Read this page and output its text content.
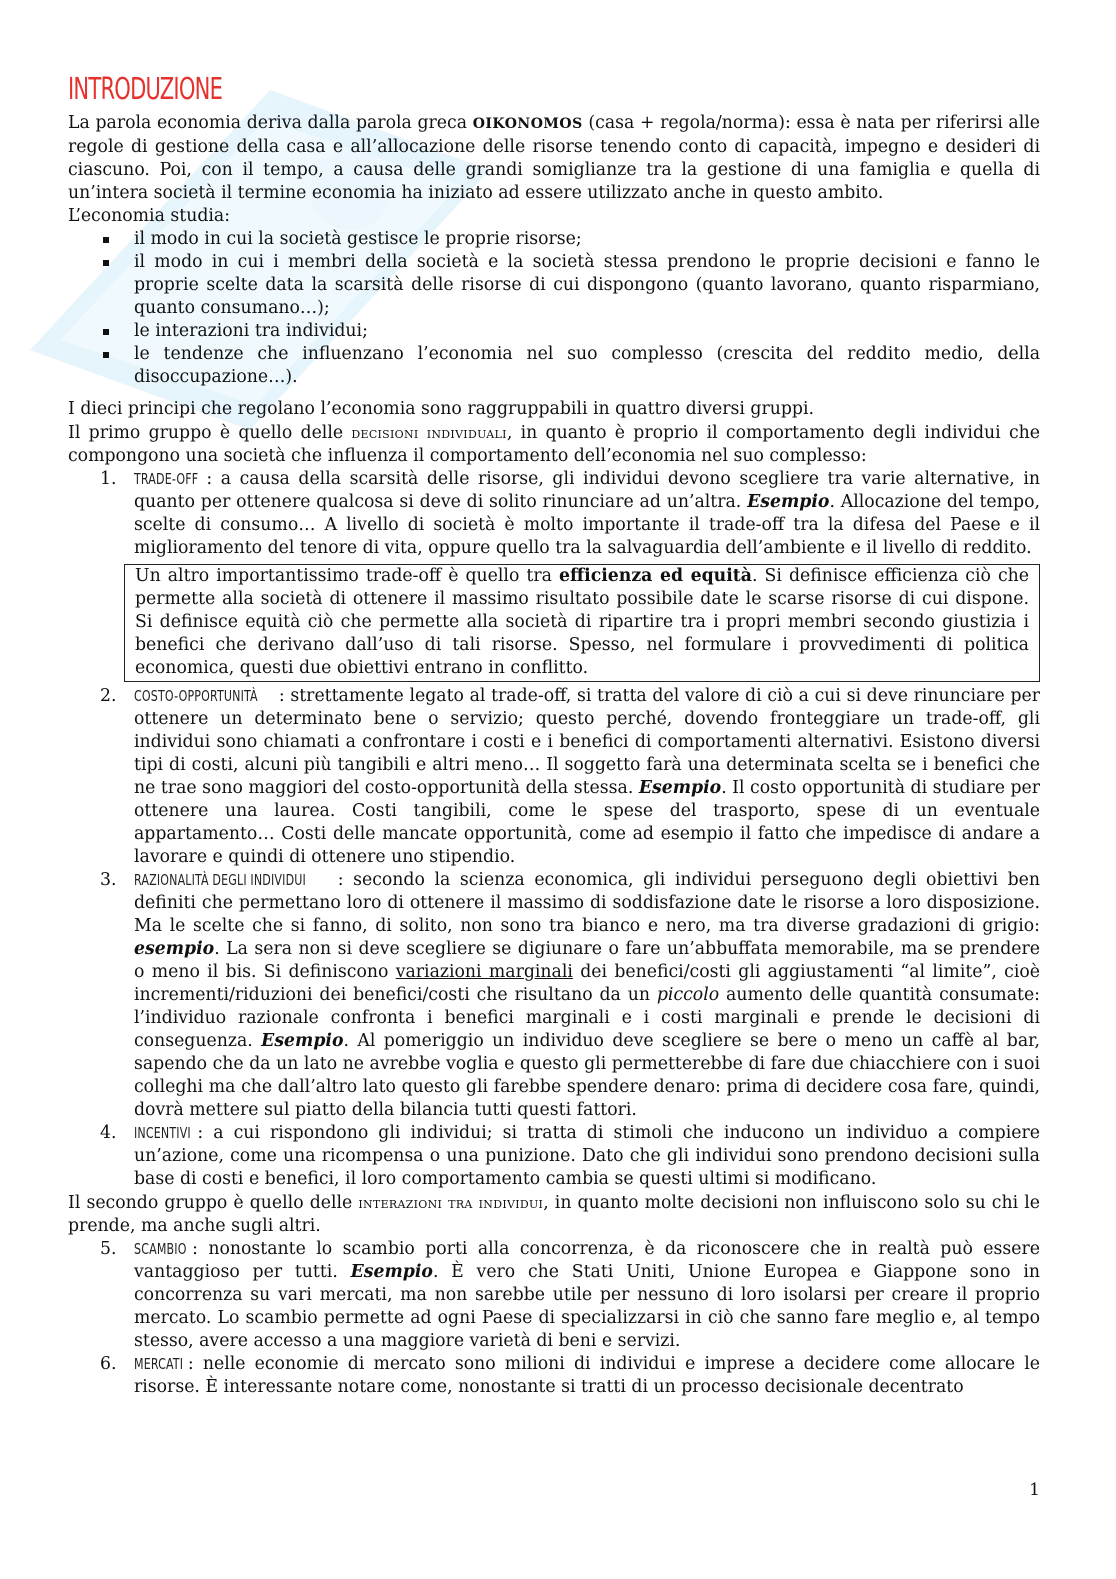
INTRODUZIONE

La parola economia deriva dalla parola greca OIKONOMOS (casa + regola/norma): essa è nata per riferirsi alle regole di gestione della casa e all’allocazione delle risorse tenendo conto di capacità, impegno e desideri di ciascuno. Poi, con il tempo, a causa delle grandi somiglianze tra la gestione di una famiglia e quella di un’intera società il termine economia ha iniziato ad essere utilizzato anche in questo ambito.

L’economia studia:

il modo in cui la società gestisce le proprie risorse;
il modo in cui i membri della società e la società stessa prendono le proprie decisioni e fanno le proprie scelte data la scarsità delle risorse di cui dispongono (quanto lavorano, quanto risparmiano, quanto consumano…);
le interazioni tra individui;
le tendenze che influenzano l’economia nel suo complesso (crescita del reddito medio, della disoccupazione…).

I dieci principi che regolano l’economia sono raggruppabili in quattro diversi gruppi.

Il primo gruppo è quello delle decisioni individuali, in quanto è proprio il comportamento degli individui che compongono una società che influenza il comportamento dell’economia nel suo complesso:

1. TRADE-OFF : a causa della scarsità delle risorse, gli individui devono scegliere tra varie alternative, in quanto per ottenere qualcosa si deve di solito rinunciare ad un’altra. Esempio. Allocazione del tempo, scelte di consumo… A livello di società è molto importante il trade-off tra la difesa del Paese e il miglioramento del tenore di vita, oppure quello tra la salvaguardia dell’ambiente e il livello di reddito.
Un altro importantissimo trade-off è quello tra efficienza ed equità. Si definisce efficienza ciò che permette alla società di ottenere il massimo risultato possibile date le scarse risorse di cui dispone. Si definisce equità ciò che permette alla società di ripartire tra i propri membri secondo giustizia i benefici che derivano dall’uso di tali risorse. Spesso, nel formulare i provvedimenti di politica economica, questi due obiettivi entrano in conflitto.
2. COSTO-OPPORTUNITÀ : strettamente legato al trade-off, si tratta del valore di ciò a cui si deve rinunciare per ottenere un determinato bene o servizio; questo perché, dovendo fronteggiare un trade-off, gli individui sono chiamati a confrontare i costi e i benefici di comportamenti alternativi. Esistono diversi tipi di costi, alcuni più tangibili e altri meno… Il soggetto farà una determinata scelta se i benefici che ne trae sono maggiori del costo-opportunità della stessa. Esempio. Il costo opportunità di studiare per ottenere una laurea. Costi tangibili, come le spese del trasporto, spese di un eventuale appartamento… Costi delle mancate opportunità, come ad esempio il fatto che impedisce di andare a lavorare e quindi di ottenere uno stipendio.
3. RAZIONALITÀ DEGLI INDIVIDUI : secondo la scienza economica, gli individui perseguono degli obiettivi ben definiti che permettano loro di ottenere il massimo di soddisfazione date le risorse a loro disposizione. Ma le scelte che si fanno, di solito, non sono tra bianco e nero, ma tra diverse gradazioni di grigio: esempio. La sera non si deve scegliere se digiunare o fare un’abbuffata memorabile, ma se prendere o meno il bis. Si definiscono variazioni marginali dei benefici/costi gli aggiustamenti “al limite”, cioè incrementi/riduzioni dei benefici/costi che risultano da un piccolo aumento delle quantità consumate: l’individuo razionale confronta i benefici marginali e i costi marginali e prende le decisioni di conseguenza. Esempio. Al pomeriggio un individuo deve scegliere se bere o meno un caffè al bar, sapendo che da un lato ne avrebbe voglia e questo gli permetterebbe di fare due chiacchiere con i suoi colleghi ma che dall’altro lato questo gli farebbe spendere denaro: prima di decidere cosa fare, quindi, dovrà mettere sul piatto della bilancia tutti questi fattori.
4. INCENTIVI : a cui rispondono gli individui; si tratta di stimoli che inducono un individuo a compiere un’azione, come una ricompensa o una punizione. Dato che gli individui sono prendono decisioni sulla base di costi e benefici, il loro comportamento cambia se questi ultimi si modificano.

Il secondo gruppo è quello delle interazioni tra individui, in quanto molte decisioni non influiscono solo su chi le prende, ma anche sugli altri.

5. SCAMBIO : nonostante lo scambio porti alla concorrenza, è da riconoscere che in realtà può essere vantaggioso per tutti. Esempio. È vero che Stati Uniti, Unione Europea e Giappone sono in concorrenza su vari mercati, ma non sarebbe utile per nessuno di loro isolarsi per creare il proprio mercato. Lo scambio permette ad ogni Paese di specializzarsi in ciò che sanno fare meglio e, al tempo stesso, avere accesso a una maggiore varietà di beni e servizi.
6. MERCATI : nelle economie di mercato sono milioni di individui e imprese a decidere come allocare le risorse. È interessante notare come, nonostante si tratti di un processo decisionale decentrato
1
